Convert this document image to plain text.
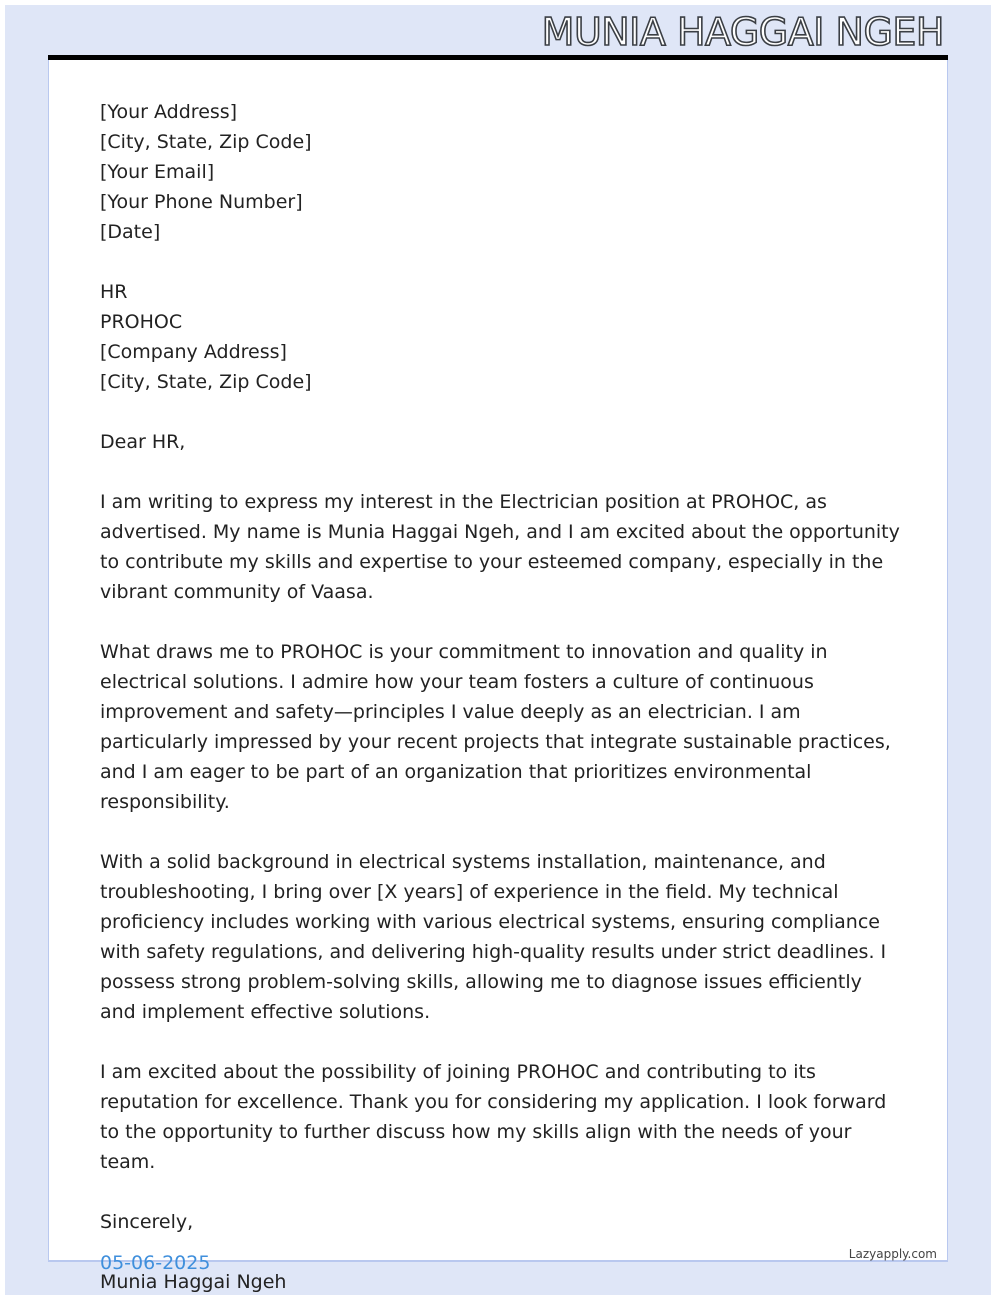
MUNIA HAGGAI NGEH

[Your Address]
[City, State, Zip Code]
[Your Email]
[Your Phone Number]
[Date]

HR
PROHOC
[Company Address]
[City, State, Zip Code]

Dear HR,

I am writing to express my interest in the Electrician position at PROHOC, as advertised. My name is Munia Haggai Ngeh, and I am excited about the opportunity to contribute my skills and expertise to your esteemed company, especially in the vibrant community of Vaasa.

What draws me to PROHOC is your commitment to innovation and quality in electrical solutions. I admire how your team fosters a culture of continuous improvement and safety—principles I value deeply as an electrician. I am particularly impressed by your recent projects that integrate sustainable practices, and I am eager to be part of an organization that prioritizes environmental responsibility.

With a solid background in electrical systems installation, maintenance, and troubleshooting, I bring over [X years] of experience in the field. My technical proficiency includes working with various electrical systems, ensuring compliance with safety regulations, and delivering high-quality results under strict deadlines. I possess strong problem-solving skills, allowing me to diagnose issues efficiently and implement effective solutions.

I am excited about the possibility of joining PROHOC and contributing to its reputation for excellence. Thank you for considering my application. I look forward to the opportunity to further discuss how my skills align with the needs of your team.

Sincerely,

Munia Haggai Ngeh

05-06-2025	Lazyapply.com
